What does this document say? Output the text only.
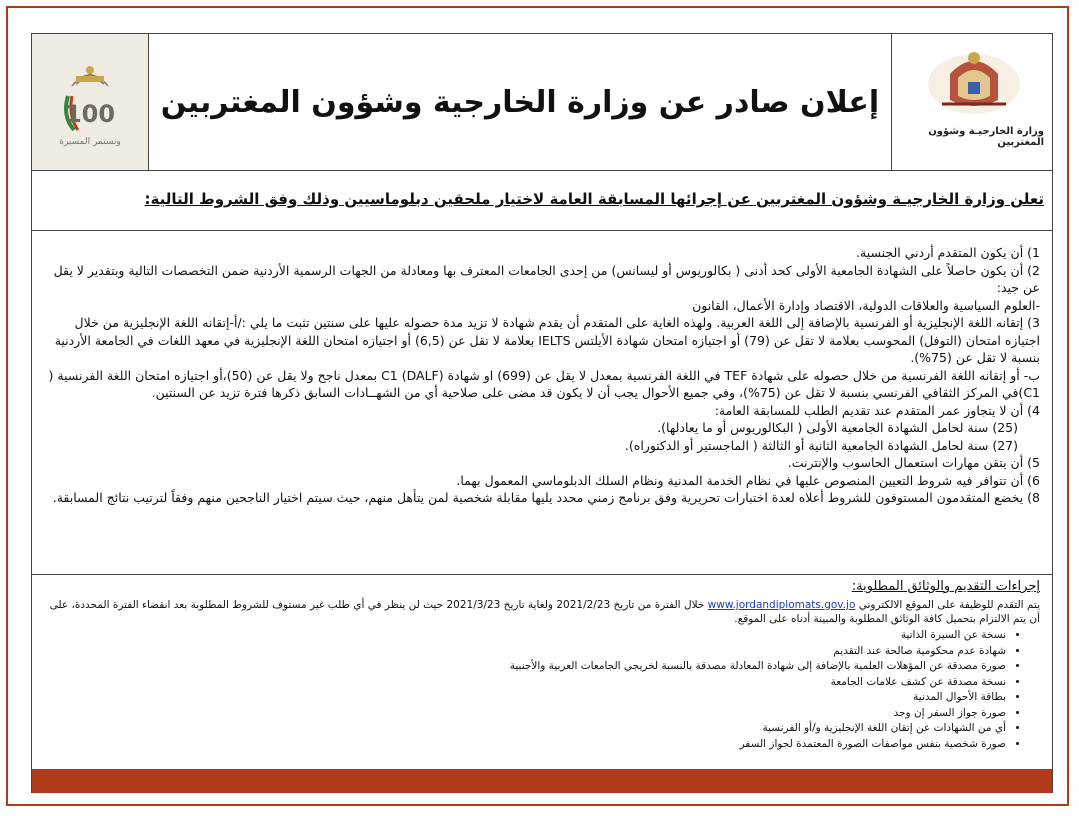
100
ونستمر المسيرة
إعلان صادر عن وزارة الخارجية وشؤون المغتربين
وزارة الخارجيـة وشؤون المغتربين
تعلن وزارة الخارجيـة وشؤون المغتربين عن إجرائها المسابقة العامة لاختيار ملحقين دبلوماسيين وذلك وفق الشروط التالية:

1) أن يكون المتقدم أردني الجنسية.

2) أن يكون حاصلاً على الشهادة الجامعية الأولى كحد أدنى ( بكالوريوس أو ليسانس) من إحدى الجامعات المعترف بها ومعادلة من الجهات الرسمية الأردنية ضمن التخصصات التالية وبتقدير لا يقل عن جيد:

-العلوم السياسية والعلاقات الدولية، الاقتصاد وإدارة الأعمال، القانون

3) إتقانه اللغة الإنجليزية أو الفرنسية بالإضافة إلى اللغة العربية. ولهذه الغاية على المتقدم أن يقدم شهادة لا تزيد مدة حصوله عليها على سنتين تثبت ما يلي :/أ-إتقانه اللغة الإنجليزية من خلال اجتيازه امتحان (التوفل) المحوسب بعلامة لا تقل عن (79) أو اجتيازه امتحان شهادة الأيلتس IELTS بعلامة لا تقل عن (6,5) أو اجتيازه امتحان اللغة الإنجليزية في معهد اللغات في الجامعة الأردنية بنسبة لا تقل عن (75%).

ب- أو إتقانه اللغة الفرنسية من خلال حصوله على شهادة TEF في اللغة الفرنسية بمعدل لا يقل عن (699) او شهادة (DALF) C1 بمعدل ناجح ولا يقل عن (50)،أو اجتيازه امتحان اللغة الفرنسية ( C1)في المركز الثقافي الفرنسي بنسبة لا تقل عن (75%)، وفي جميع الأحوال يجب أن لا يكون قد مضى على صلاحية أي من الشهــادات السابق ذكرها فترة تزيد عن السنتين.

4) أن لا يتجاوز عمر المتقدم عند تقديم الطلب للمسابقة العامة:

(25) سنة لحامل الشهادة الجامعية الأولى ( البكالوريوس أو ما يعادلها).

(27) سنة لحامل الشهادة الجامعية الثانية أو الثالثة ( الماجستير أو الدكتوراه).

5) أن يتقن مهارات استعمال الحاسوب والإنترنت.

6) أن تتوافر فيه شروط التعيين المنصوص عليها في نظام الخدمة المدنية ونظام السلك الدبلوماسي المعمول بهما.

8) يخضع المتقدمون المستوفون للشروط أعلاه لعدة اختبارات تحريرية وفق برنامج زمني محدد يليها مقابلة شخصية لمن يتأهل منهم، حيث سيتم اختيار الناجحين منهم وفقاً لترتيب نتائج المسابقة.

إجراءات التقديم والوثائق المطلوبة:
يتم التقدم للوظيفة على الموقع الالكتروني www.jordandiplomats.gov.jo خلال الفترة من تاريخ 2021/2/23 ولغاية تاريخ 2021/3/23 حيث لن ينظر في أي طلب غير مستوف للشروط المطلوبة بعد انقضاء الفترة المحددة، على أن يتم الالتزام بتحميل كافة الوثائق المطلوبة والمبينة أدناه على الموقع.
• نسخة عن السيرة الذاتية
• شهادة عدم محكومية صالحة عند التقديم
• صورة مصدقة عن المؤهلات العلمية بالإضافة إلى شهادة المعادلة مصدقة بالنسبة لخريجي الجامعات العربية والأجنبية
• نسخة مصدقة عن كشف علامات الجامعة
• بطاقة الأحوال المدنية
• صورة جواز السفر إن وجد
• أي من الشهادات عن إتقان اللغة الإنجليزية و/أو الفرنسية
• صورة شخصية بنفس مواصفات الصورة المعتمدة لجواز السفر
